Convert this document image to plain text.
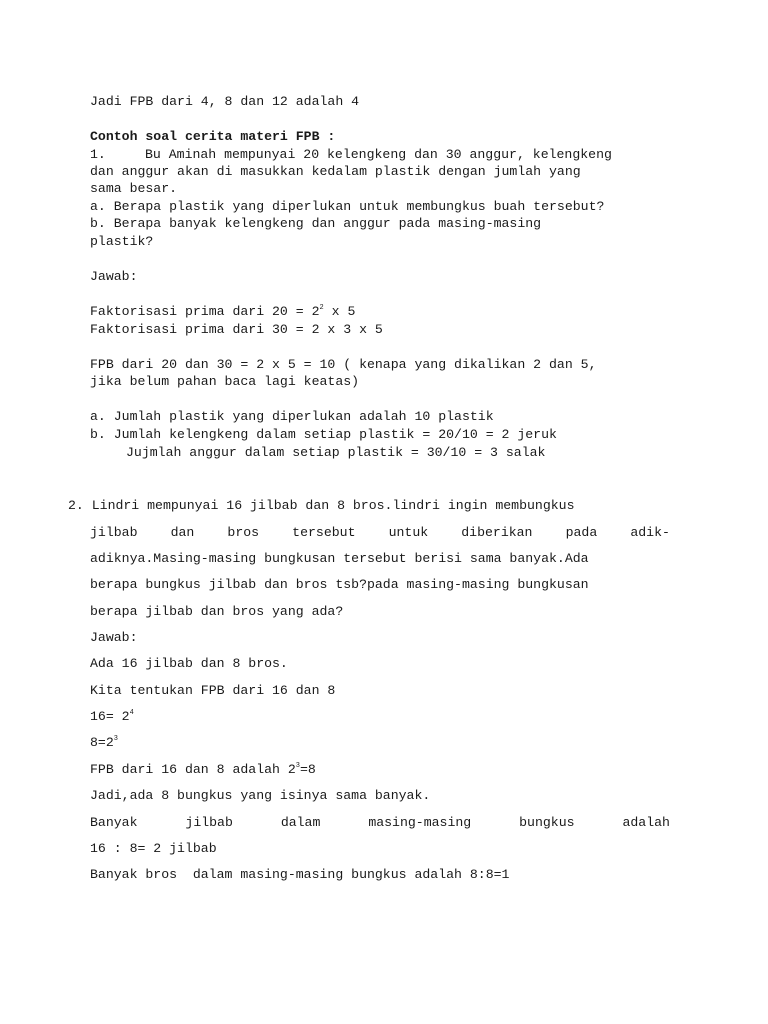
Jadi FPB dari 4, 8 dan 12 adalah 4

Contoh soal cerita materi FPB :

1.	Bu Aminah mempunyai 20 kelengkeng dan 30 anggur, kelengkeng

dan anggur akan di masukkan kedalam plastik dengan jumlah yang

sama besar.

a. Berapa plastik yang diperlukan untuk membungkus buah tersebut?

b. Berapa banyak kelengkeng dan anggur pada masing-masing

plastik?

Jawab:

Faktorisasi prima dari $20 = 2^2$ x 5

Faktorisasi prima dari 30 = 2 x 3 x 5

FPB dari 20 dan 30 = 2 x 5 = 10 ( kenapa yang dikalikan 2 dan 5,

jika belum pahan baca lagi keatas)

a. Jumlah plastik yang diperlukan adalah 10 plastik

b. Jumlah kelengkeng dalam setiap plastik = 20/10 = 2 jeruk

Jujmlah anggur dalam setiap plastik = 30/10 = 3 salak

2. Lindri mempunyai 16 jilbab dan 8 bros.lindri ingin membungkus

jilbab	dan	bros	tersebut	untuk	diberikan	pada	adik-

adiknya.Masing-masing bungkusan tersebut berisi sama banyak.Ada

berapa bungkus jilbab dan bros tsb?pada masing-masing bungkusan

berapa jilbab dan bros yang ada?

Jawab:

Ada 16 jilbab dan 8 bros.

Kita tentukan FPB dari 16 dan 8

$16= 2^4$

$8=2^3$

FPB dari 16 dan 8 adalah $2^3=8$

Jadi,ada 8 bungkus yang isinya sama banyak.

Banyak	jilbab	dalam	masing-masing	bungkus	adalah

16 : 8= 2 jilbab

Banyak bros  dalam masing-masing bungkus adalah 8:8=1
